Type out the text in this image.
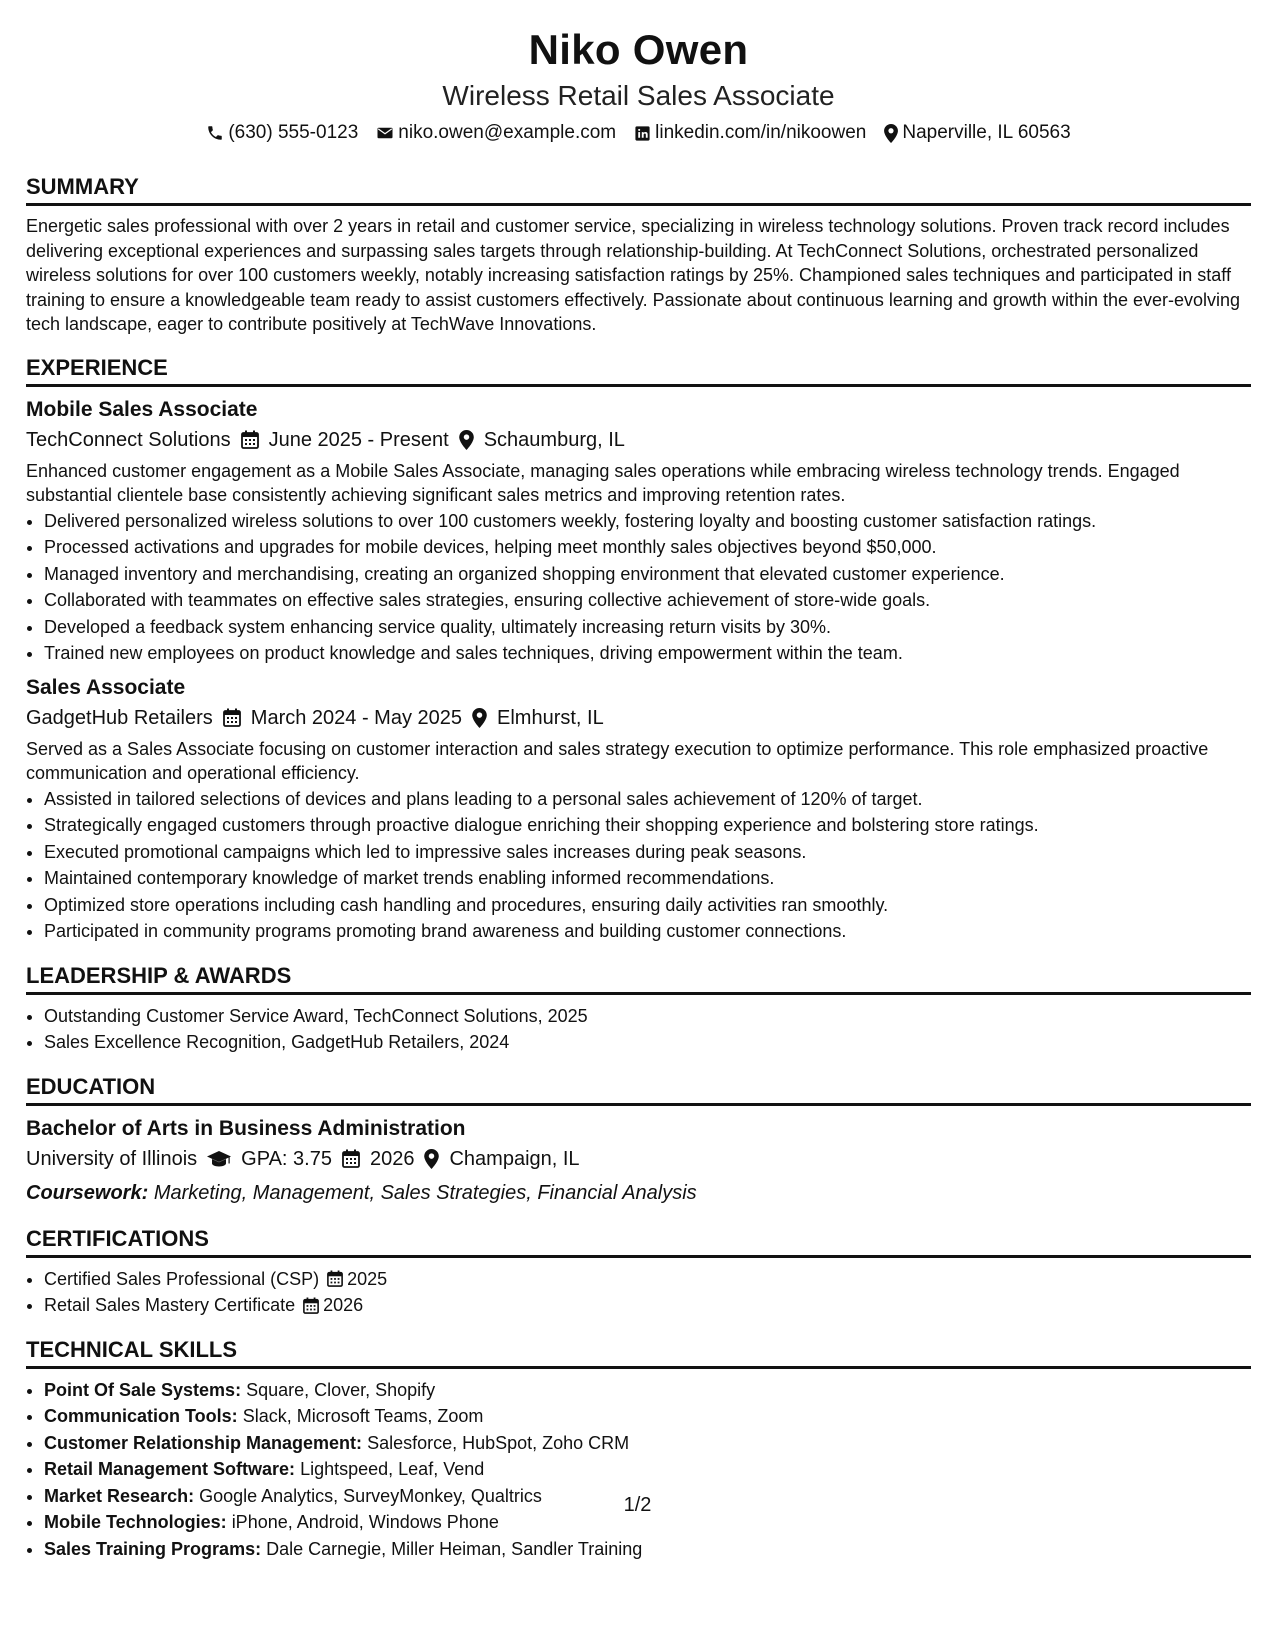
Niko Owen
Wireless Retail Sales Associate
(630) 555-0123 niko.owen@example.com linkedin.com/in/nikoowen Naperville, IL 60563
SUMMARY

Energetic sales professional with over 2 years in retail and customer service, specializing in wireless technology solutions. Proven track record includes delivering exceptional experiences and surpassing sales targets through relationship-building. At TechConnect Solutions, orchestrated personalized wireless solutions for over 100 customers weekly, notably increasing satisfaction ratings by 25%. Championed sales techniques and participated in staff training to ensure a knowledgeable team ready to assist customers effectively. Passionate about continuous learning and growth within the ever-evolving tech landscape, eager to contribute positively at TechWave Innovations.

EXPERIENCE
Mobile Sales Associate
TechConnect Solutions June 2025 - Present Schaumburg, IL

Enhanced customer engagement as a Mobile Sales Associate, managing sales operations while embracing wireless technology trends. Engaged substantial clientele base consistently achieving significant sales metrics and improving retention rates.

• Delivered personalized wireless solutions to over 100 customers weekly, fostering loyalty and boosting customer satisfaction ratings.
• Processed activations and upgrades for mobile devices, helping meet monthly sales objectives beyond $50,000.
• Managed inventory and merchandising, creating an organized shopping environment that elevated customer experience.
• Collaborated with teammates on effective sales strategies, ensuring collective achievement of store-wide goals.
• Developed a feedback system enhancing service quality, ultimately increasing return visits by 30%.
• Trained new employees on product knowledge and sales techniques, driving empowerment within the team.
Sales Associate
GadgetHub Retailers March 2024 - May 2025 Elmhurst, IL

Served as a Sales Associate focusing on customer interaction and sales strategy execution to optimize performance. This role emphasized proactive communication and operational efficiency.

• Assisted in tailored selections of devices and plans leading to a personal sales achievement of 120% of target.
• Strategically engaged customers through proactive dialogue enriching their shopping experience and bolstering store ratings.
• Executed promotional campaigns which led to impressive sales increases during peak seasons.
• Maintained contemporary knowledge of market trends enabling informed recommendations.
• Optimized store operations including cash handling and procedures, ensuring daily activities ran smoothly.
• Participated in community programs promoting brand awareness and building customer connections.
LEADERSHIP & AWARDS
• Outstanding Customer Service Award, TechConnect Solutions, 2025
• Sales Excellence Recognition, GadgetHub Retailers, 2024
EDUCATION
Bachelor of Arts in Business Administration
University of Illinois GPA: 3.75 2026 Champaign, IL
Coursework: Marketing, Management, Sales Strategies, Financial Analysis
CERTIFICATIONS
• Certified Sales Professional (CSP) 2025
• Retail Sales Mastery Certificate 2026
TECHNICAL SKILLS
• Point Of Sale Systems: Square, Clover, Shopify
• Communication Tools: Slack, Microsoft Teams, Zoom
• Customer Relationship Management: Salesforce, HubSpot, Zoho CRM
• Retail Management Software: Lightspeed, Leaf, Vend
• Market Research: Google Analytics, SurveyMonkey, Qualtrics
• Mobile Technologies: iPhone, Android, Windows Phone
• Sales Training Programs: Dale Carnegie, Miller Heiman, Sandler Training
1/2
